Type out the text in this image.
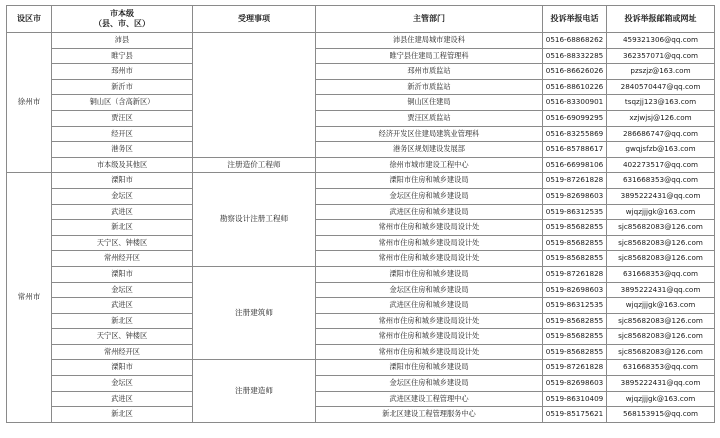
设区市	市本级
（县、市、区）	受理事项	主管部门	投诉举报电话	投诉举报邮箱或网址
徐州市	沛县		沛县住建局城市建设科	0516-68868262	459321306@qq.com
	睢宁县		睢宁县住建局工程管理科	0516-88332285	362357071@qq.com
	邳州市		邳州市质监站	0516-86626026	pzszjz@163.com
	新沂市		新沂市质监站	0516-88610226	2840570447@qq.com
	铜山区（含高新区）		铜山区住建局	0516-83300901	tsqzjj123@163.com
	贾汪区		贾汪区质监站	0516-69099295	xzjwjsj@126.com
	经开区		经济开发区住建局建筑业管理科	0516-83255869	286686747@qq.com
	港务区		港务区规划建设发展部	0516-85788617	gwqjsfzb@163.com
	市本级及其他区	注册造价工程师	徐州市城市建设工程中心	0516-66998106	402273517@qq.com
常州市	溧阳市	勘察设计注册工程师	溧阳市住房和城乡建设局	0519-87261828	631668353@qq.com
	金坛区		金坛区住房和城乡建设局	0519-82698603	3895222431@qq.com
	武进区		武进区住房和城乡建设局	0519-86312535	wjqzjjjgk@163.com
	新北区		常州市住房和城乡建设局设计处	0519-85682855	sjc85682083@126.com
	天宁区、钟楼区		常州市住房和城乡建设局设计处	0519-85682855	sjc85682083@126.com
	常州经开区		常州市住房和城乡建设局设计处	0519-85682855	sjc85682083@126.com
	溧阳市	注册建筑师	溧阳市住房和城乡建设局	0519-87261828	631668353@qq.com
	金坛区		金坛区住房和城乡建设局	0519-82698603	3895222431@qq.com
	武进区		武进区住房和城乡建设局	0519-86312535	wjqzjjjgk@163.com
	新北区		常州市住房和城乡建设局设计处	0519-85682855	sjc85682083@126.com
	天宁区、钟楼区		常州市住房和城乡建设局设计处	0519-85682855	sjc85682083@126.com
	常州经开区		常州市住房和城乡建设局设计处	0519-85682855	sjc85682083@126.com
	溧阳市	注册建造师	溧阳市住房和城乡建设局	0519-87261828	631668353@qq.com
	金坛区		金坛区住房和城乡建设局	0519-82698603	3895222431@qq.com
	武进区		武进区建设工程管理中心	0519-86310409	wjqzjjjgk@163.com
	新北区		新北区建设工程管理服务中心	0519-85175621	568153915@qq.com
